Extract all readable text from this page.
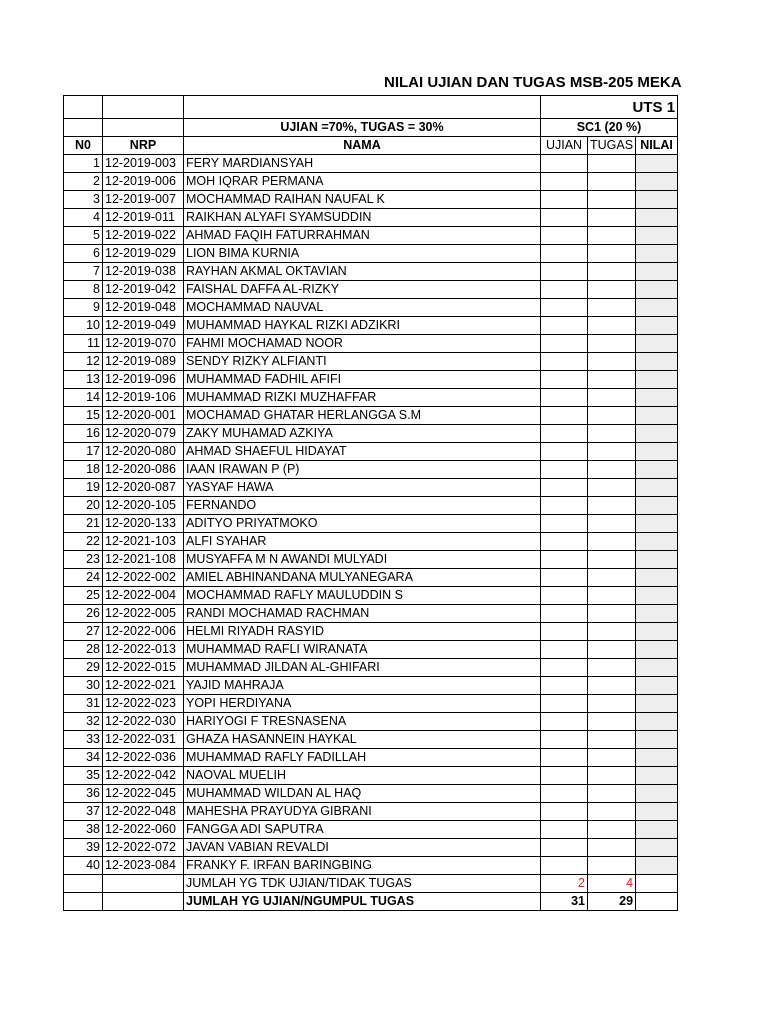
NILAI UJIAN DAN TUGAS MSB-205 MEKA
			UTS 1		
		UJIAN =70%, TUGAS = 30%	SC1 (20 %)		
N0	NRP	NAMA	UJIAN	TUGAS	NILAI
1	12-2019-003	FERY MARDIANSYAH			
2	12-2019-006	MOH IQRAR PERMANA			
3	12-2019-007	MOCHAMMAD RAIHAN NAUFAL K			
4	12-2019-011	RAIKHAN ALYAFI SYAMSUDDIN			
5	12-2019-022	AHMAD FAQIH FATURRAHMAN			
6	12-2019-029	LION BIMA KURNIA			
7	12-2019-038	RAYHAN AKMAL OKTAVIAN			
8	12-2019-042	FAISHAL DAFFA AL-RIZKY			
9	12-2019-048	MOCHAMMAD NAUVAL			
10	12-2019-049	MUHAMMAD HAYKAL RIZKI ADZIKRI			
11	12-2019-070	FAHMI MOCHAMAD NOOR			
12	12-2019-089	SENDY RIZKY ALFIANTI			
13	12-2019-096	MUHAMMAD FADHIL AFIFI			
14	12-2019-106	MUHAMMAD RIZKI MUZHAFFAR			
15	12-2020-001	MOCHAMAD GHATAR HERLANGGA S.M			
16	12-2020-079	ZAKY MUHAMAD AZKIYA			
17	12-2020-080	AHMAD SHAEFUL HIDAYAT			
18	12-2020-086	IAAN IRAWAN P (P)			
19	12-2020-087	YASYAF HAWA			
20	12-2020-105	FERNANDO			
21	12-2020-133	ADITYO PRIYATMOKO			
22	12-2021-103	ALFI SYAHAR			
23	12-2021-108	MUSYAFFA M N AWANDI MULYADI			
24	12-2022-002	AMIEL ABHINANDANA MULYANEGARA			
25	12-2022-004	MOCHAMMAD RAFLY MAULUDDIN S			
26	12-2022-005	RANDI MOCHAMAD RACHMAN			
27	12-2022-006	HELMI RIYADH RASYID			
28	12-2022-013	MUHAMMAD RAFLI WIRANATA			
29	12-2022-015	MUHAMMAD JILDAN AL-GHIFARI			
30	12-2022-021	YAJID MAHRAJA			
31	12-2022-023	YOPI HERDIYANA			
32	12-2022-030	HARIYOGI F TRESNASENA			
33	12-2022-031	GHAZA HASANNEIN HAYKAL			
34	12-2022-036	MUHAMMAD RAFLY FADILLAH			
35	12-2022-042	NAOVAL MUELIH			
36	12-2022-045	MUHAMMAD WILDAN AL HAQ			
37	12-2022-048	MAHESHA PRAYUDYA GIBRANI			
38	12-2022-060	FANGGA ADI SAPUTRA			
39	12-2022-072	JAVAN VABIAN REVALDI			
40	12-2023-084	FRANKY F. IRFAN BARINGBING			
		JUMLAH YG TDK UJIAN/TIDAK TUGAS	2	4	
		JUMLAH YG UJIAN/NGUMPUL TUGAS	31	29	
